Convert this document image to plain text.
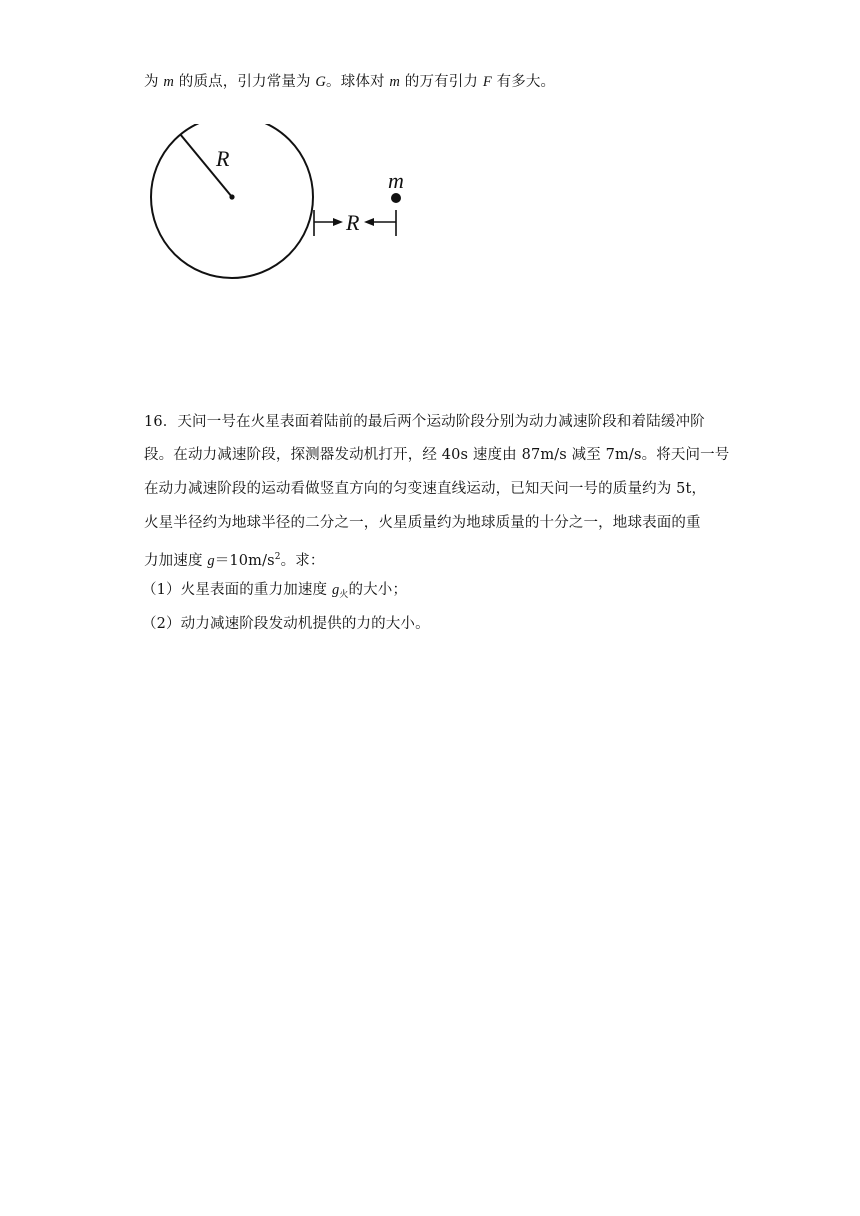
为 m 的质点，引力常量为 G。球体对 m 的万有引力 F 有多大。
R
R
m
16．天问一号在火星表面着陆前的最后两个运动阶段分别为动力减速阶段和着陆缓冲阶
段。在动力减速阶段，探测器发动机打开，经 40s 速度由 87m/s 减至 7m/s。将天问一号
在动力减速阶段的运动看做竖直方向的匀变速直线运动，已知天问一号的质量约为 5t，
火星半径约为地球半径的二分之一，火星质量约为地球质量的十分之一，地球表面的重
力加速度 $g=10m/s^2$。求：
（1）火星表面的重力加速度 $g_火$的大小；
（2）动力减速阶段发动机提供的力的大小。
